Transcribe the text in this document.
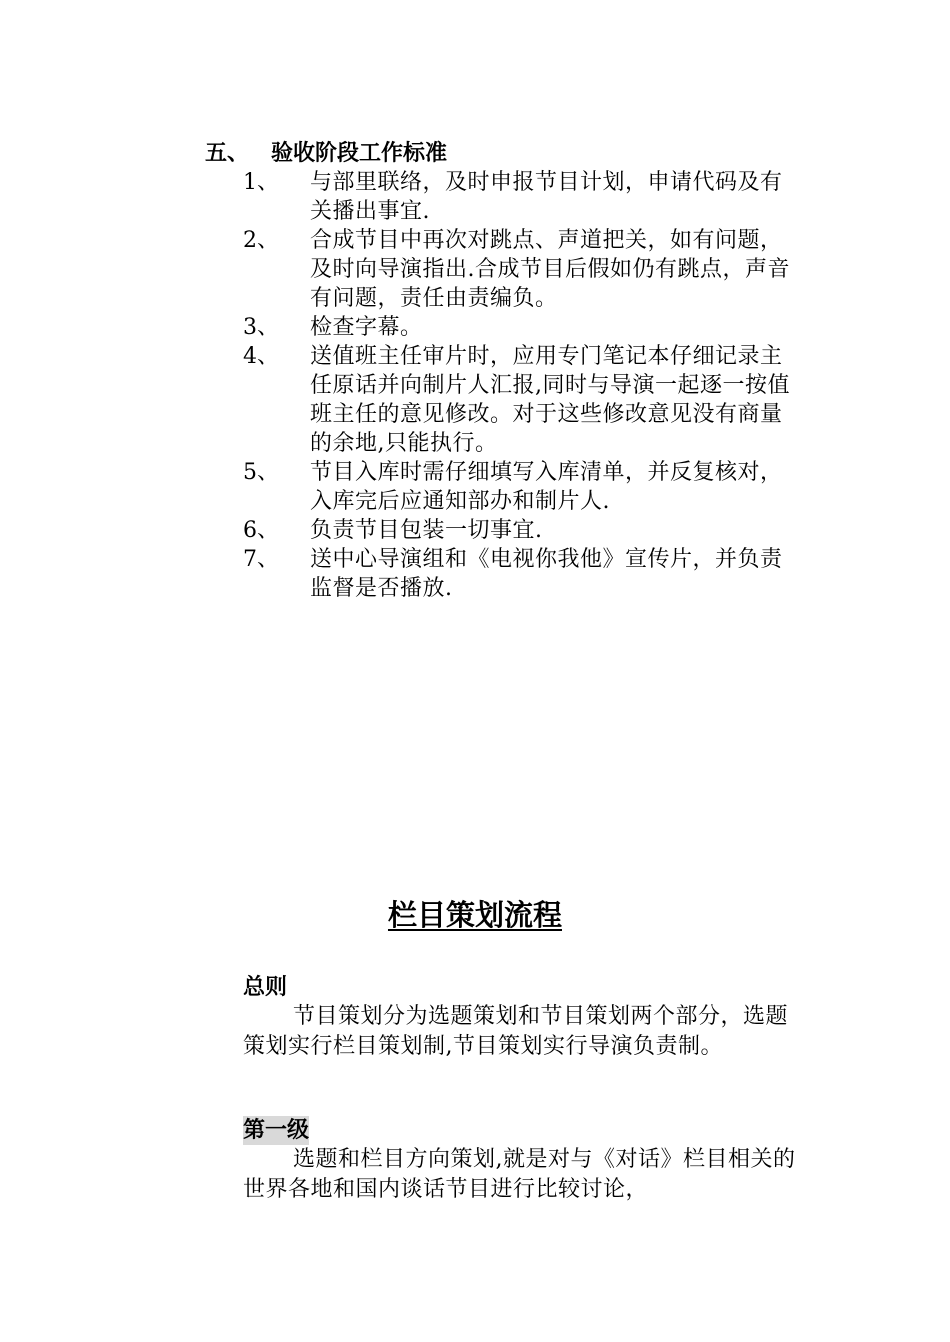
五、 验收阶段工作标准
1、	与部里联络，及时申报节目计划，申请代码及有关播出事宜.
2、	合成节目中再次对跳点、声道把关，如有问题，及时向导演指出.合成节目后假如仍有跳点，声音有问题，责任由责编负。
3、	检查字幕。
4、	送值班主任审片时，应用专门笔记本仔细记录主任原话并向制片人汇报,同时与导演一起逐一按值班主任的意见修改。对于这些修改意见没有商量的余地,只能执行。
5、	节目入库时需仔细填写入库清单，并反复核对，入库完后应通知部办和制片人.
6、	负责节目包装一切事宜.
7、	送中心导演组和《电视你我他》宣传片，并负责监督是否播放.
栏目策划流程
总则
节目策划分为选题策划和节目策划两个部分，选题策划实行栏目策划制,节目策划实行导演负责制。
第一级
选题和栏目方向策划,就是对与《对话》栏目相关的世界各地和国内谈话节目进行比较讨论，
